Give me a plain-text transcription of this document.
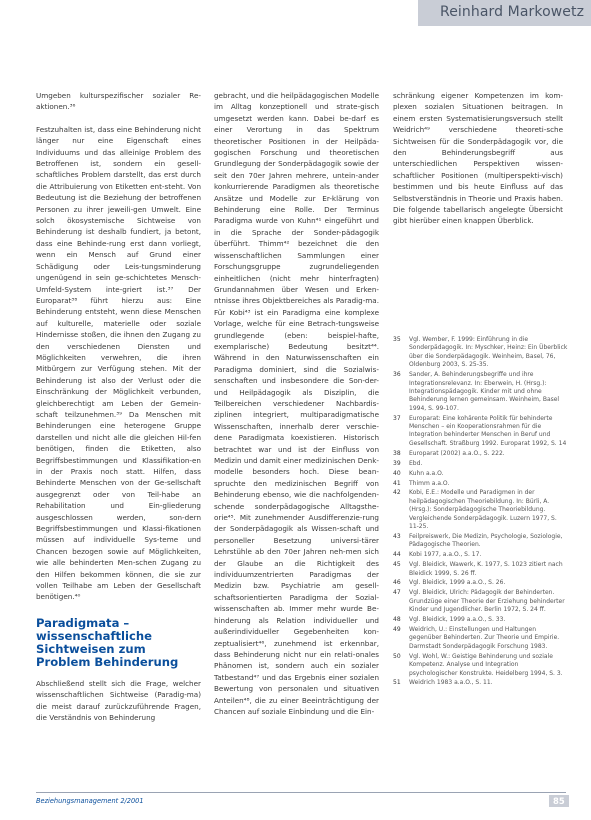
Reinhard Markowetz

Umgeben kulturspezifischer sozialer Re-aktionen.³⁶

Festzuhalten ist, dass eine Behinderung nicht länger nur eine Eigenschaft eines Individuums und das alleinige Problem des Betroffenen ist, sondern ein gesell-schaftliches Problem darstellt, das erst durch die Attribuierung von Etiketten ent-steht. Von Bedeutung ist die Beziehung der betroffenen Personen zu ihrer jeweili-gen Umwelt. Eine solch ökosystemische Sichtweise von Behinderung ist deshalb fundiert, ja betont, dass eine Behinde-rung erst dann vorliegt, wenn ein Mensch auf Grund einer Schädigung oder Leis-tungsminderung ungenügend in sein ge-schichtetes Mensch-Umfeld-System inte-griert ist.³⁷ Der Europarat³⁸ führt hierzu aus: Eine Behinderung entsteht, wenn diese Menschen auf kulturelle, materielle oder soziale Hindernisse stoßen, die ihnen den Zugang zu den verschiedenen Diensten und Möglichkeiten verwehren, die ihren Mitbürgern zur Verfügung stehen. Mit der Behinderung ist also der Verlust oder die Einschränkung der Möglichkeit verbunden, gleichberechtigt am Leben der Gemein-schaft teilzunehmen.³⁹ Da Menschen mit Behinderungen eine heterogene Gruppe darstellen und nicht alle die gleichen Hil-fen benötigen, finden die Etiketten, also Begriffsbestimmungen und Klassifikation-en in der Praxis noch statt. Hilfen, dass Behinderte Menschen von der Ge-sellschaft ausgegrenzt oder von Teil-habe an Rehabilitation und Ein-gliederung ausgeschlossen werden, son-dern Begriffsbestimmungen und Klassi-fikationen müssen auf individuelle Sys-teme und Chancen bezogen sowie auf Möglichkeiten, wie alle behinderten Men-schen Zugang zu den Hilfen bekommen können, die sie zur vollen Teilhabe am Leben der Gesellschaft benötigen.⁴⁰

Paradigmata – wissenschaftliche Sichtweisen zum Problem Behinderung

Abschließend stellt sich die Frage, welcher wissenschaftlichen Sichtweise (Paradig-ma) die meist darauf zurückzuführende Fragen, die Verständnis von Behinderung

gebracht, und die heilpädagogischen Modelle im Alltag konzeptionell und strate-gisch umgesetzt werden kann. Dabei be-darf es einer Verortung in das Spektrum theoretischer Positionen in der Heilpäda-gogischen Forschung und theoretischen Grundlegung der Sonderpädagogik sowie der seit den 70er Jahren mehrere, untein-ander konkurrierende Paradigmen als theoretische Ansätze und Modelle zur Er-klärung von Behinderung eine Rolle. Der Terminus Paradigma wurde von Kuhn⁴¹ eingeführt und in die Sprache der Sonder-pädagogik überführt. Thimm⁴² bezeichnet die den wissenschaftlichen Sammlungen einer Forschungsgruppe zugrundeliegenden einheitlichen (nicht mehr hinterfragten) Grundannahmen über Wesen und Erken-ntnisse ihres Objektbereiches als Paradig-ma. Für Kobi⁴³ ist ein Paradigma eine komplexe Vorlage, welche für eine Betrach-tungsweise grundlegende (eben: beispiel-hafte, exemplarische) Bedeutung besitzt⁴⁴. Während in den Naturwissenschaften ein Paradigma dominiert, sind die Sozialwis-senschaften und insbesondere die Son-der- und Heilpädagogik als Disziplin, die Teilbereichen verschiedener Nachbardis-ziplinen integriert, multiparadigmatische Wissenschaften, innerhalb derer verschie-dene Paradigmata koexistieren. Historisch betrachtet war und ist der Einfluss von Medizin und damit einer medizinischen Denk-modelle besonders hoch. Diese bean-spruchte den medizinischen Begriff von Behinderung ebenso, wie die nachfolgenden-schende sonderpädagogische Alltagsthe-orie⁴⁵. Mit zunehmender Ausdifferenzie-rung der Sonderpädagogik als Wissen-schaft und personeller Besetzung universi-tärer Lehrstühle ab den 70er Jahren neh-men sich der Glaube an die Richtigkeit des individuumzentrierten Paradigmas der Medizin bzw. Psychiatrie am gesell-schaftsorientierten Paradigma der Sozial-wissenschaften ab. Immer mehr wurde Be-hinderung als Relation individueller und außerindividueller Gegebenheiten kon-zeptualisiert⁴⁶, zunehmend ist erkennbar, dass Behinderung nicht nur ein relati-onales Phänomen ist, sondern auch ein sozialer Tatbestand⁴⁷ und das Ergebnis einer sozialen Bewertung von personalen und situativen Anteilen⁴⁸, die zu einer Beeinträchtigung der Chancen auf soziale Einbindung und die Ein-

schränkung eigener Kompetenzen im kom-plexen sozialen Situationen beitragen. In einem ersten Systematisierungsversuch stellt Weidrich⁴⁹ verschiedene theoreti-sche Sichtweisen für die Sonderpädagogik vor, die den Behinderungsbegriff aus unterschiedlichen Perspektiven wissen-schaftlicher Positionen (multiperspekti-visch) bestimmen und bis heute Einfluss auf das Selbstverständnis in Theorie und Praxis haben. Die folgende tabellarisch angelegte Übersicht gibt hierüber einen knappen Überblick.

35	Vgl. Wember, F. 1999: Einführung in die Sonderpädagogik. In: Myschker, Heinz: Ein Überblick über die Sonderpädagogik. Weinheim, Basel, 76, Oldenburg 2003, S. 25-35.
36	Sander, A. Behinderungsbegriffe und ihre Integrationsrelevanz. In: Eberwein, H. (Hrsg.): Integrationspädagogik. Kinder mit und ohne Behinderung lernen gemeinsam. Weinheim, Basel 1994, S. 99-107.
37	Europarat: Eine kohärente Politik für behinderte Menschen – ein Kooperationsrahmen für die Integration behinderter Menschen in Beruf und Gesellschaft. Straßburg 1992. Europarat 1992, S. 14
38	Europarat (2002) a.a.O., S. 222.
39	Ebd.
40	Kuhn a.a.O.
41	Thimm a.a.O.
42	Kobi, E.E.: Modelle und Paradigmen in der heilpädagogischen Theoriebildung. In: Bürli, A. (Hrsg.): Sonderpädagogische Theoriebildung. Vergleichende Sonderpädagogik. Luzern 1977, S. 11-25.
43	Feilpreiswerk, Die Medizin, Psychologie, Soziologie, Pädagogische Theorien.
44	Kobi 1977, a.a.O., S. 17.
45	Vgl. Bleidick, Wawerk, K. 1977, S. 1023 zitiert nach Bleidick 1999, S. 26 ff.
46	Vgl. Bleidick, 1999 a.a.O., S. 26.
47	Vgl. Bleidick, Ulrich: Pädagogik der Behinderten. Grundzüge einer Theorie der Erziehung behinderter Kinder und Jugendlicher. Berlin 1972, S. 24 ff.
48	Vgl. Bleidick, 1999 a.a.O., S. 33.
49	Weidrich, U.: Einstellungen und Haltungen gegenüber Behinderten. Zur Theorie und Empirie. Darmstadt Sonderpädagogik Forschung 1983.
50	Vgl. Wohl, W.: Geistige Behinderung und soziale Kompetenz. Analyse und Integration psychologischer Konstrukte. Heidelberg 1994, S. 3.
51	Weidrich 1983 a.a.O., S. 11.
Beziehungsmanagement 2/2001	85
